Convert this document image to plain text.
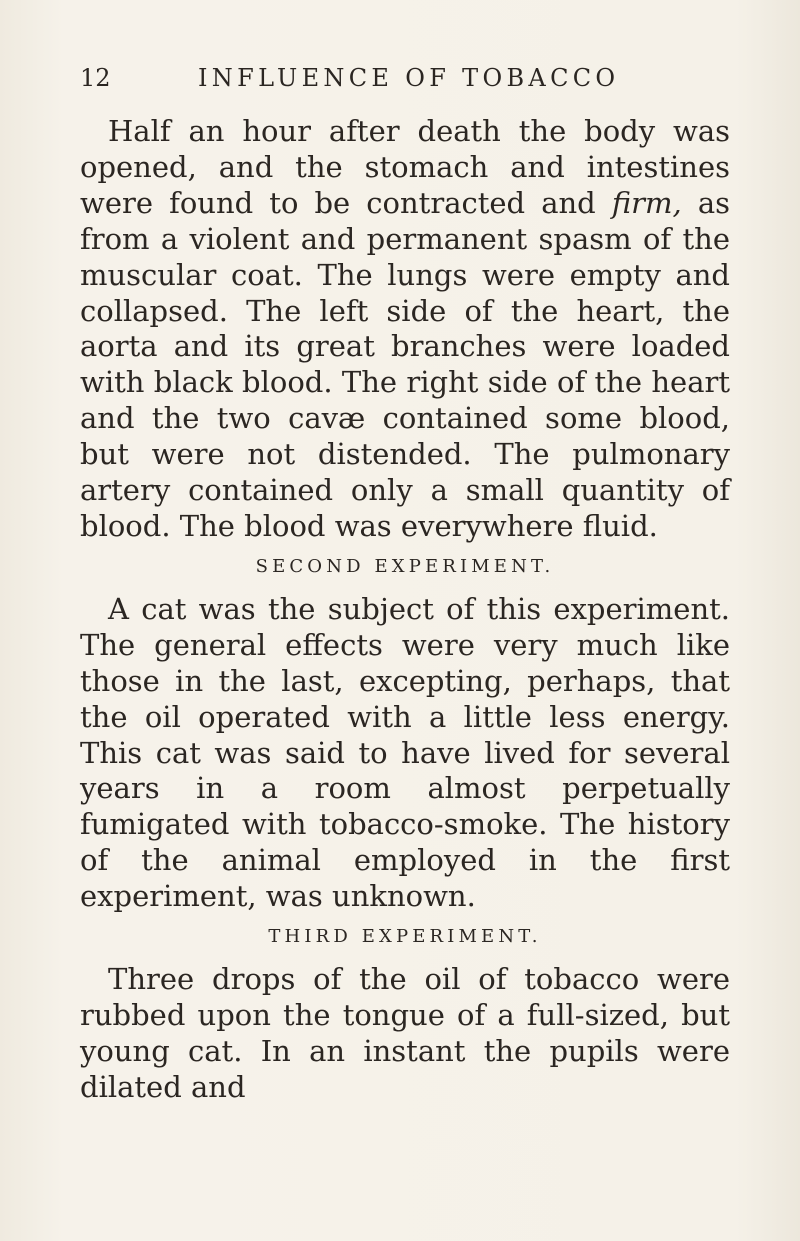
12	INFLUENCE OF TOBACCO

Half an hour after death the body was opened, and the stomach and intestines were found to be contracted and firm, as from a violent and permanent spasm of the muscular coat. The lungs were empty and collapsed. The left side of the heart, the aorta and its great branches were loaded with black blood. The right side of the heart and the two cavæ contained some blood, but were not distended. The pulmonary artery contained only a small quantity of blood. The blood was everywhere fluid.

SECOND EXPERIMENT.

A cat was the subject of this experiment. The general effects were very much like those in the last, excepting, perhaps, that the oil operated with a little less energy. This cat was said to have lived for several years in a room almost perpetually fumigated with tobacco-smoke. The history of the animal employed in the first experiment, was unknown.

THIRD EXPERIMENT.

Three drops of the oil of tobacco were rubbed upon the tongue of a full-sized, but young cat. In an instant the pupils were dilated and
